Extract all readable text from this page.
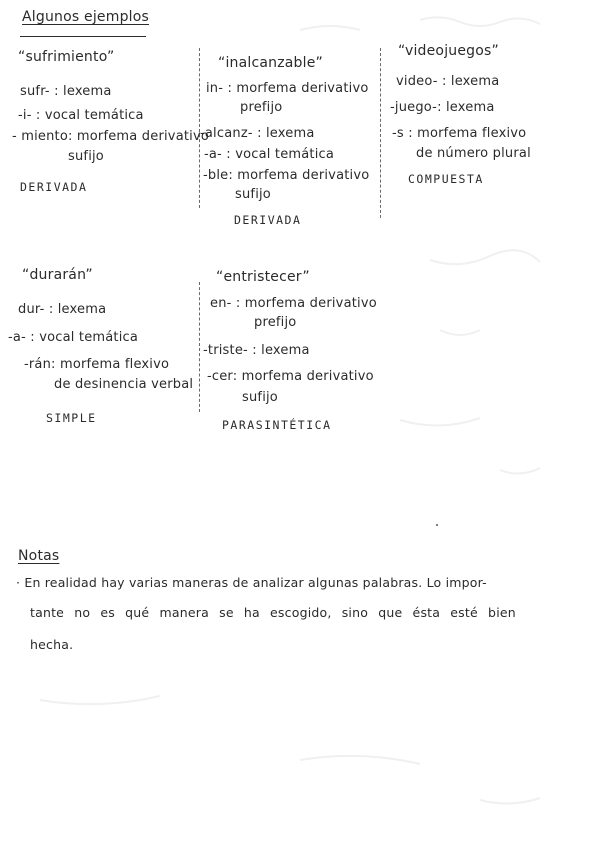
Algunos ejemplos
“sufrimiento”
sufr- : lexema
-i- : vocal temática
- miento: morfema derivativo
sufijo
DERIVADA
“inalcanzable”
in- : morfema derivativo
prefijo
-alcanz- : lexema
-a- : vocal temática
-ble: morfema derivativo
sufijo
DERIVADA
“videojuegos”
video- : lexema
-juego-: lexema
-s : morfema flexivo
de número plural
COMPUESTA
“durarán”
dur- : lexema
-a- : vocal temática
-rán: morfema flexivo
de desinencia verbal
SIMPLE
“entristecer”
en- : morfema derivativo
prefijo
-triste- : lexema
-cer: morfema derivativo
sufijo
PARASINTÉTICA
Notas
· En realidad hay varias maneras de analizar algunas palabras. Lo impor-
tante no es qué manera se ha escogido, sino que ésta esté bien
hecha.
